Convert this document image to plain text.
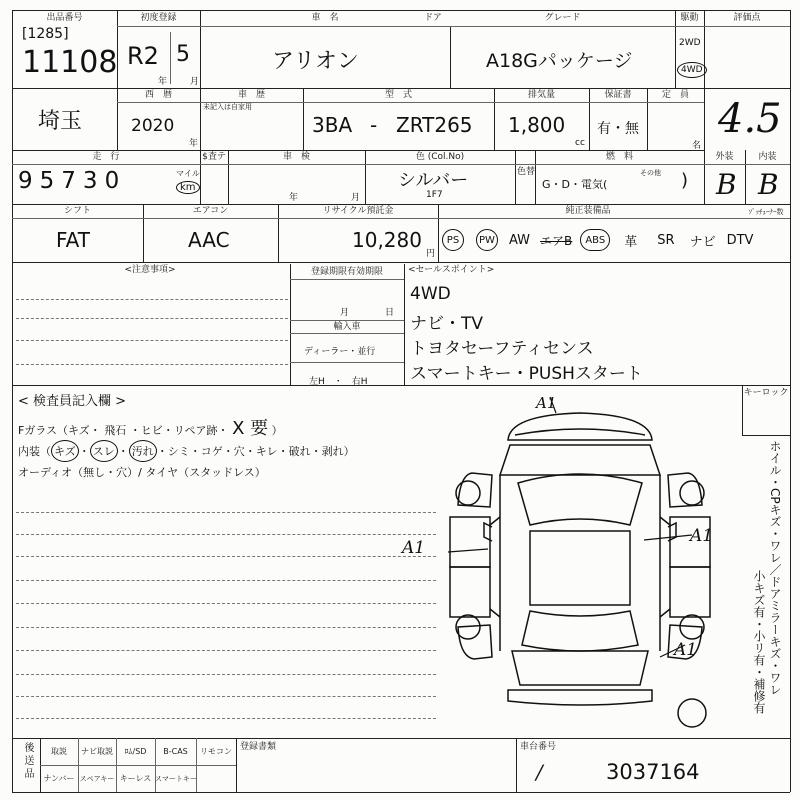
出品番号
[1285]
11108
初度登録
R2 5
年	月
車　名
アリオン
ドア	グレード
A18Gパッケージ
駆動
2WD
4WD
評価点
埼玉
西　暦
2020
年
車　歴
未記入は自家用
型　式
3BA - ZRT265
排気量
1,800
cc
保証書
有・無
定　員
名
4.5
走　行
9 5 7 3 0	マイル
km
$査テ	車　検
年	月
色 (Col.No)
シルバー
1F7
色替
燃　料
G・D・電気(
その他 )
外装
B
内装
B
シフト
FAT
エアコン
AAC
リサイクル預託金
10,280
円
純正装備品	ｿﾞｯﾁｭｰﾅｰ数
PS	PW AW エアB	ABS	革 SR ナビ DTV
<注意事項>	登録期限有効期限
月	日
輸入車
ディーラー・並行
左H　・　右H
<セールスポイント>
4WD
ナビ・TV
トヨタセーフティセンス
スマートキー・PUSHスタート
< 検査員記入欄 >
Fガラス（キズ・ 飛石 ・ヒビ・リペア跡・ X 要 ）
内装（ キズ ・ スレ ・ 汚れ ・シミ・コゲ・穴・キレ・破れ・剥れ）
オーディオ（無し・穴）/ タイヤ（スタッドレス）
キーロック
ホイル・CPキズ・ワレ／ドアミラーキズ・ワレ
小キズ有・小リ有・補修有
A1
A1
A1
A1
後送品	取説	ナビ取説	ﾛﾑ/SD	B-CAS	リモコン
ナンバー スペアキー キーレス スマートキー
登録書類	車台番号
/	3037164
